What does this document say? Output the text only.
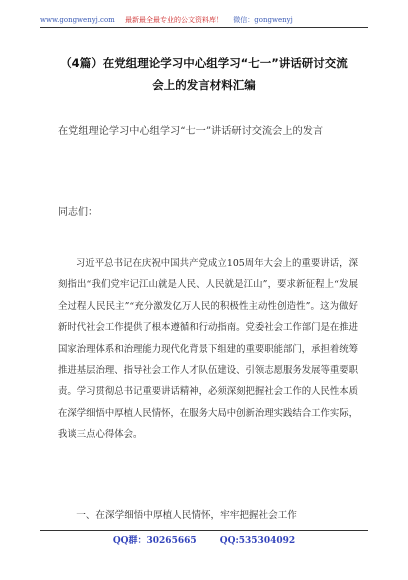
www.gongwenyj.com 最新最全最专业的公文资料库！ 微信：gongwenyj
（4篇）在党组理论学习中心组学习“七一”讲话研讨交流会上的发言材料汇编
在党组理论学习中心组学习“七一”讲话研讨交流会上的发言
同志们：
习近平总书记在庆祝中国共产党成立105周年大会上的重要讲话，深刻指出“我们党牢记江山就是人民、人民就是江山”，要求新征程上“发展全过程人民民主”“充分激发亿万人民的积极性主动性创造性”。这为做好新时代社会工作提供了根本遵循和行动指南。党委社会工作部门是在推进国家治理体系和治理能力现代化背景下组建的重要职能部门，承担着统筹推进基层治理、指导社会工作人才队伍建设、引领志愿服务发展等重要职责。学习贯彻总书记重要讲话精神，必须深刻把握社会工作的人民性本质在深学细悟中厚植人民情怀，在服务大局中创新治理实践结合工作实际，我谈三点心得体会。
一、在深学细悟中厚植人民情怀，牢牢把握社会工作
QQ群：30265665	QQ:535304092
